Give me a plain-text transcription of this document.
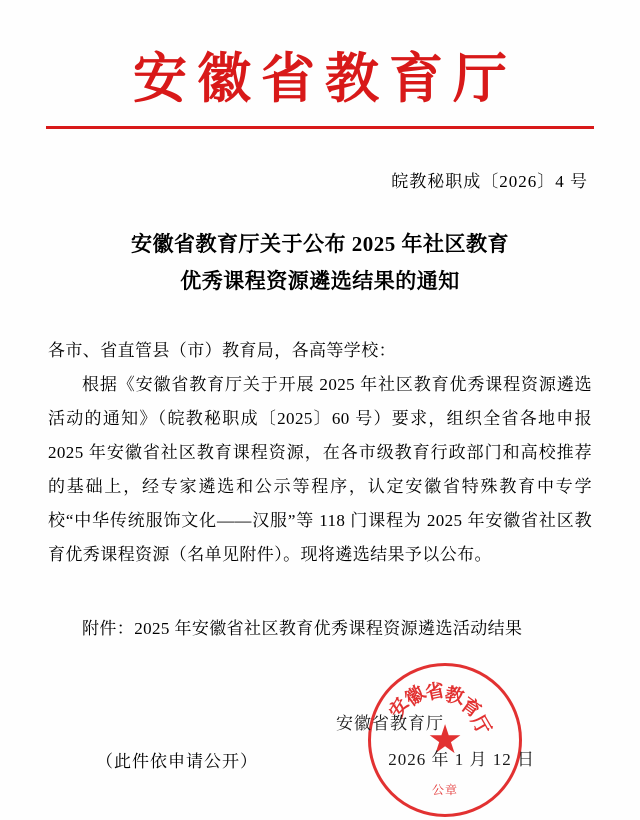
安徽省教育厅
皖教秘职成〔2026〕4 号
安徽省教育厅关于公布 2025 年社区教育
优秀课程资源遴选结果的通知
各市、省直管县（市）教育局，各高等学校：
根据《安徽省教育厅关于开展 2025 年社区教育优秀课程资源遴选活动的通知》（皖教秘职成〔2025〕60 号）要求，组织全省各地申报 2025 年安徽省社区教育课程资源，在各市级教育行政部门和高校推荐的基础上，经专家遴选和公示等程序，认定安徽省特殊教育中专学校“中华传统服饰文化——汉服”等 118 门课程为 2025 年安徽省社区教育优秀课程资源（名单见附件）。现将遴选结果予以公布。
附件：2025 年安徽省社区教育优秀课程资源遴选活动结果
安
徽
省
教
育
厅
★
公章
安徽省教育厅
2026 年 1 月 12 日
（此件依申请公开）
